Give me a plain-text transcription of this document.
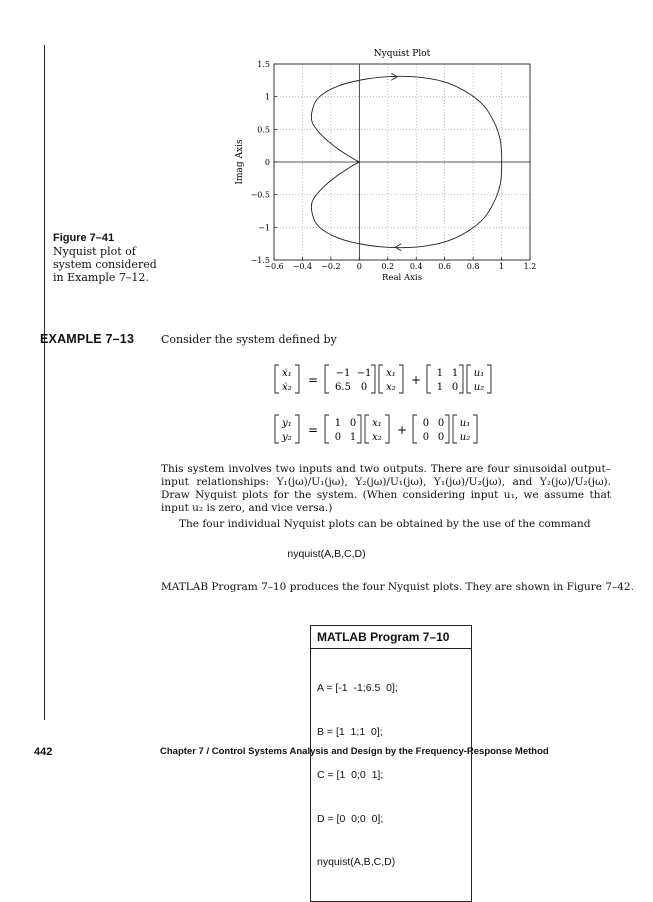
Figure 7–41
Nyquist plot of system considered in Example 7–12.
−0.6 −0.4 −0.2 0 0.2 0.4 0.6 0.8 1 1.2
−1.5
−1
−0.5
0
0.5
1
1.5
Nyquist Plot
Real Axis
Imag Axis
EXAMPLE 7–13 Consider the system defined by
ẋ₁
ẋ₂
= −1 −1
6.5 0
x₁
x₂
+ 1 1
1 0
u₁
u₂
y₁
y₂
= 1 0
0 1
x₁
x₂
+ 0 0
0 0
u₁
u₂
This system involves two inputs and two outputs. There are four sinusoidal output–input relationships: Y₁(jω)/U₁(jω), Y₂(jω)/U₁(jω), Y₁(jω)/U₂(jω), and Y₂(jω)/U₂(jω). Draw Nyquist plots for the system. (When considering input u₁, we assume that input u₂ is zero, and vice versa.)
The four individual Nyquist plots can be obtained by the use of the command
nyquist(A,B,C,D)
MATLAB Program 7–10 produces the four Nyquist plots. They are shown in Figure 7–42.
MATLAB Program 7–10

A = [-1  -1;6.5  0];

B = [1  1;1  0];

C = [1  0;0  1];

D = [0  0;0  0];

nyquist(A,B,C,D)

442	Chapter 7 / Control Systems Analysis and Design by the Frequency-Response Method
